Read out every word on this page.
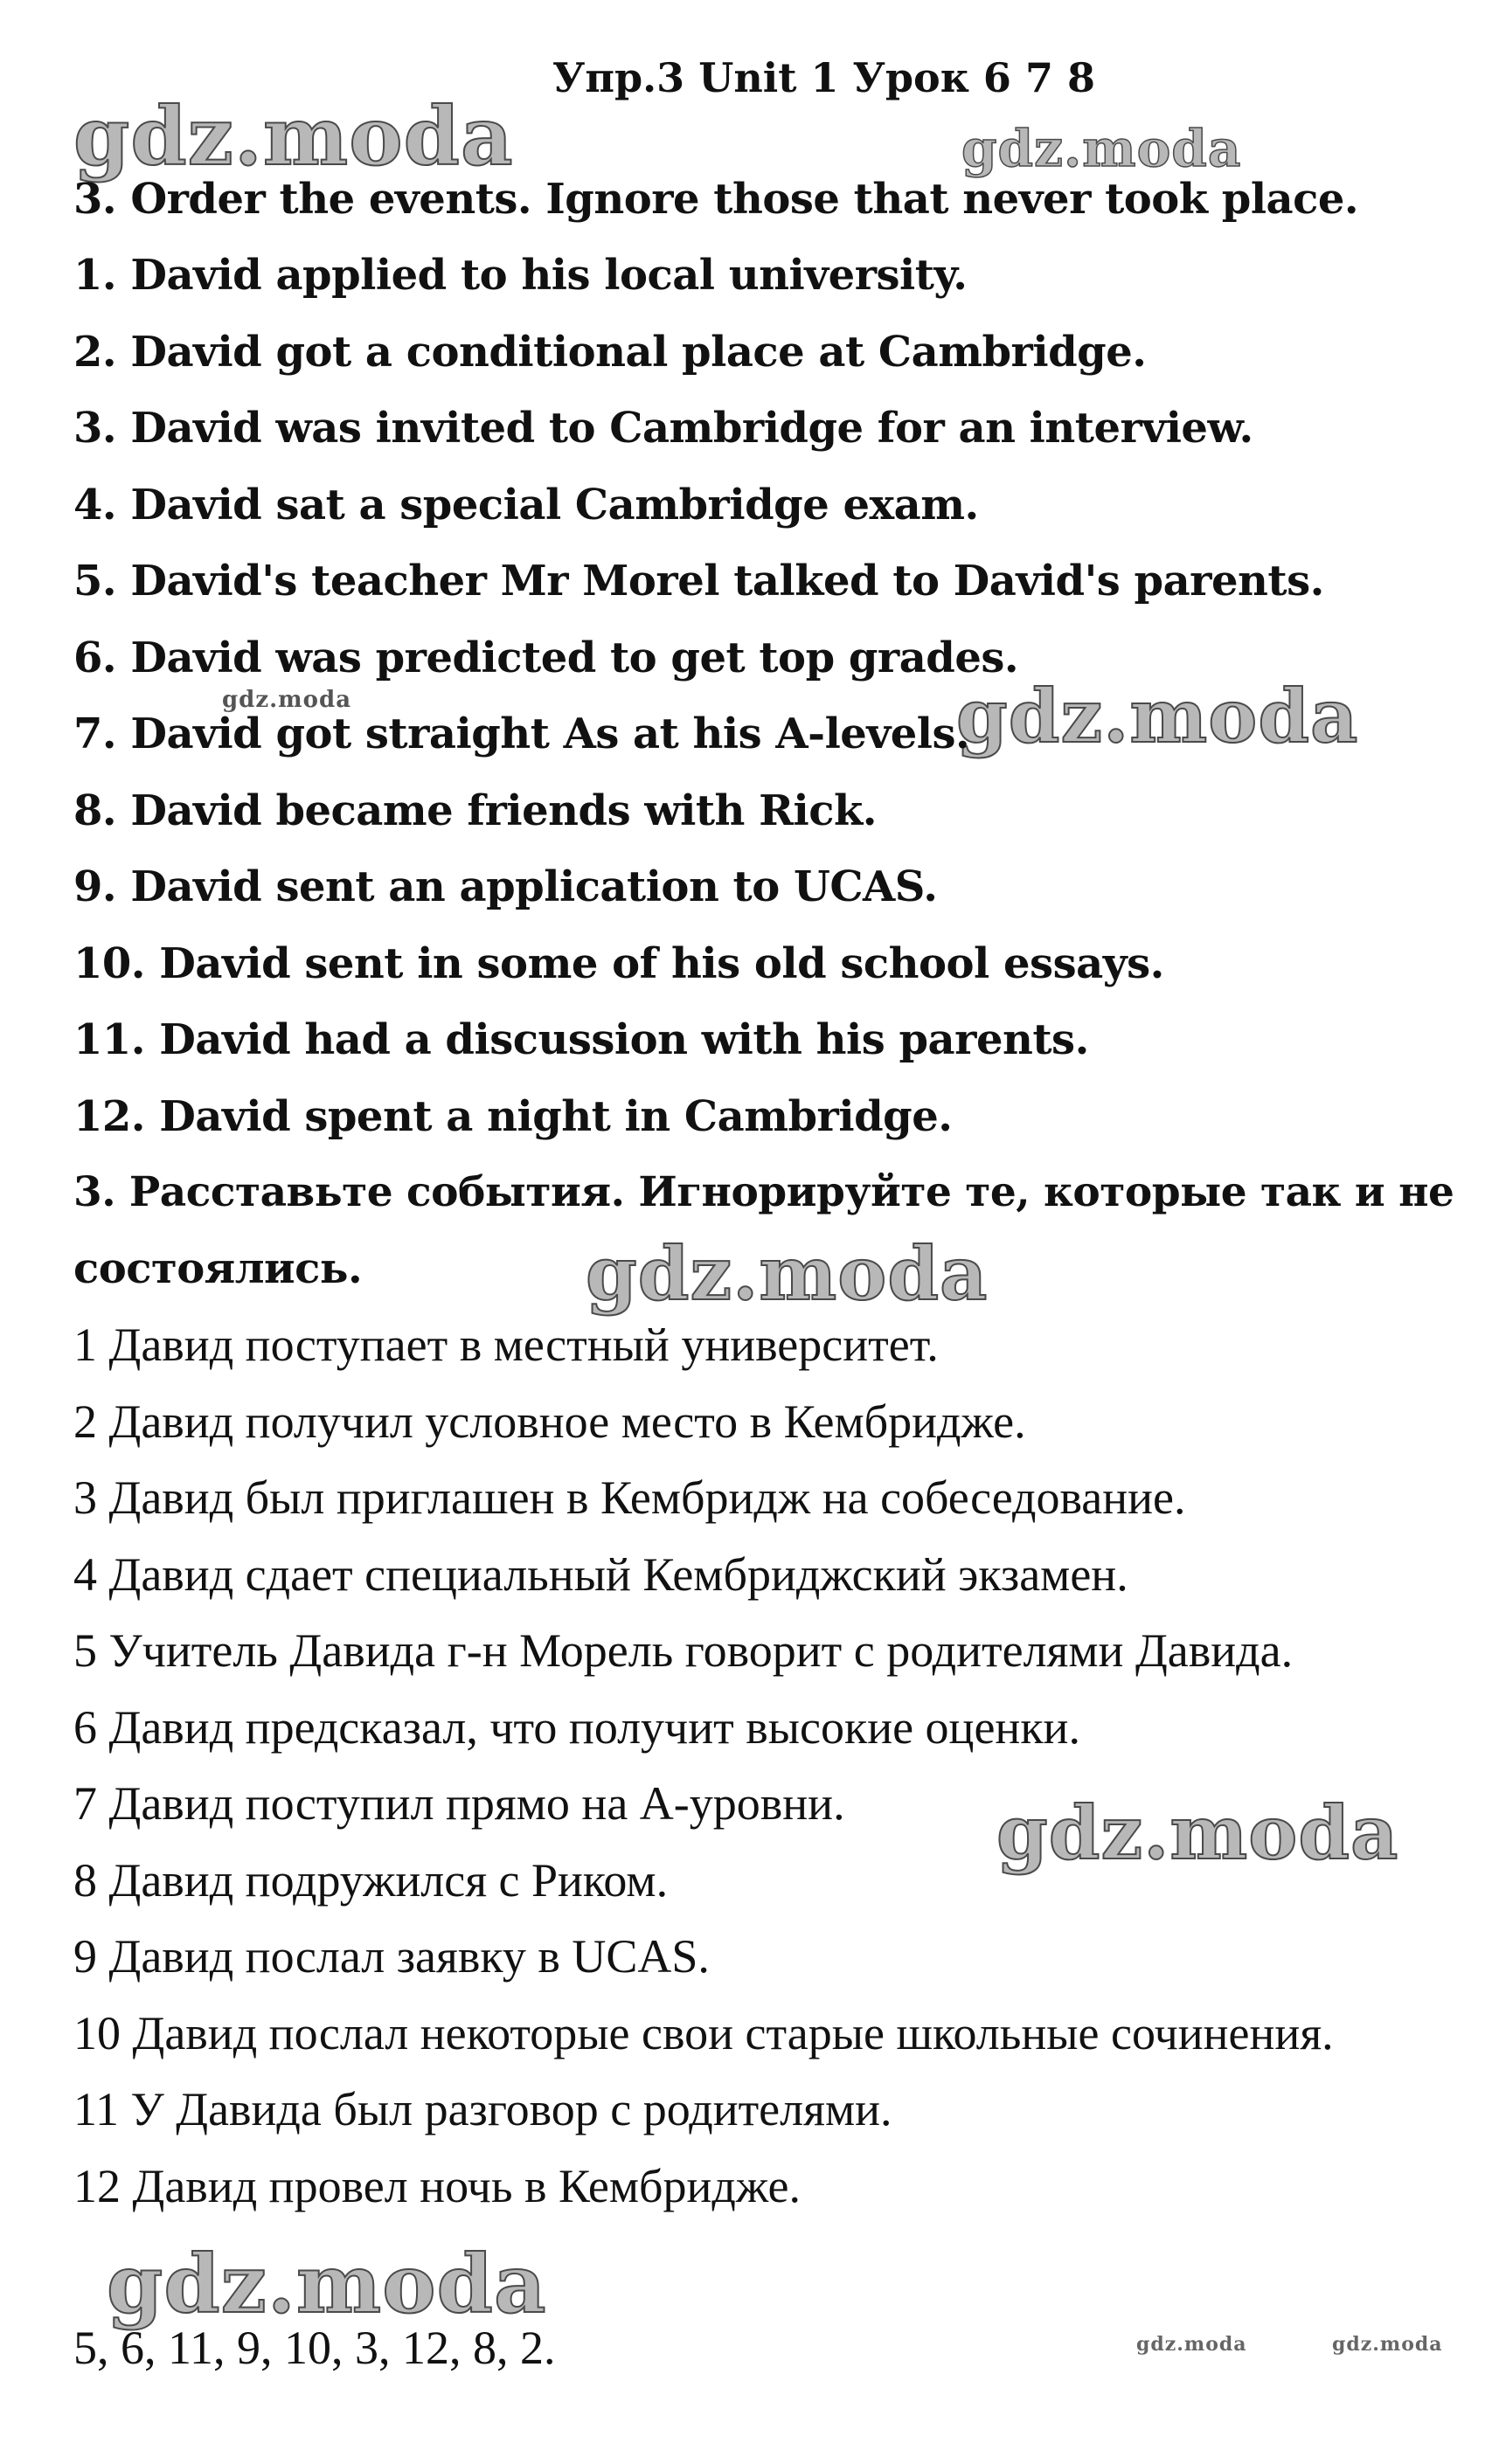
Упр.3 Unit 1 Урок 6 7 8
gdz.moda	gdz.moda
gdz.moda	gdz.moda
gdz.moda
gdz.moda
gdz.moda
gdz.moda	gdz.moda
3. Order the events. Ignore those that never took place.
1. David applied to his local university.
2. David got a conditional place at Cambridge.
3. David was invited to Cambridge for an interview.
4. David sat a special Cambridge exam.
5. David's teacher Mr Morel talked to David's parents.
6. David was predicted to get top grades.
7. David got straight As at his A-levels.
8. David became friends with Rick.
9. David sent an application to UCAS.
10. David sent in some of his old school essays.
11. David had a discussion with his parents.
12. David spent a night in Cambridge.
3. Расставьте события. Игнорируйте те, которые так и не
состоялись.
1 Давид поступает в местный университет.
2 Давид получил условное место в Кембридже.
3 Давид был приглашен в Кембридж на собеседование.
4 Давид сдает специальный Кембриджский экзамен.
5 Учитель Давида г-н Морель говорит с родителями Давида.
6 Давид предсказал, что получит высокие оценки.
7 Давид поступил прямо на А-уровни.
8 Давид подружился с Риком.
9 Давид послал заявку в UCAS.
10 Давид послал некоторые свои старые школьные сочинения.
11 У Давида был разговор с родителями.
12 Давид провел ночь в Кембридже.
5, 6, 11, 9, 10, 3, 12, 8, 2.
